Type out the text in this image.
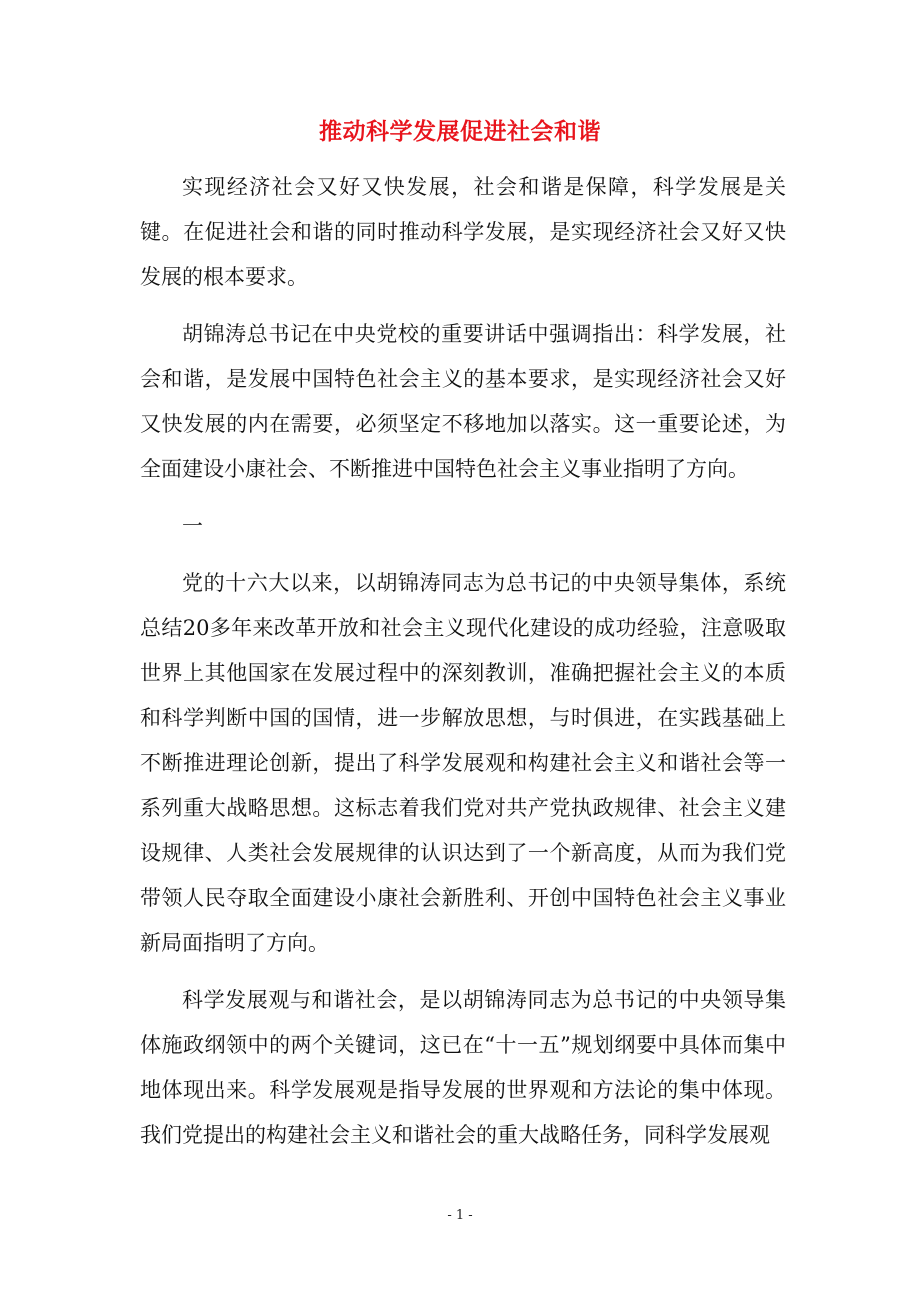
推动科学发展促进社会和谐

实现经济社会又好又快发展，社会和谐是保障，科学发展是关键。在促进社会和谐的同时推动科学发展，是实现经济社会又好又快发展的根本要求。

胡锦涛总书记在中央党校的重要讲话中强调指出：科学发展，社会和谐，是发展中国特色社会主义的基本要求，是实现经济社会又好又快发展的内在需要，必须坚定不移地加以落实。这一重要论述，为全面建设小康社会、不断推进中国特色社会主义事业指明了方向。

一

党的十六大以来，以胡锦涛同志为总书记的中央领导集体，系统总结20多年来改革开放和社会主义现代化建设的成功经验，注意吸取世界上其他国家在发展过程中的深刻教训，准确把握社会主义的本质和科学判断中国的国情，进一步解放思想，与时俱进，在实践基础上不断推进理论创新，提出了科学发展观和构建社会主义和谐社会等一系列重大战略思想。这标志着我们党对共产党执政规律、社会主义建设规律、人类社会发展规律的认识达到了一个新高度，从而为我们党带领人民夺取全面建设小康社会新胜利、开创中国特色社会主义事业新局面指明了方向。

科学发展观与和谐社会，是以胡锦涛同志为总书记的中央领导集体施政纲领中的两个关键词，这已在“十一五”规划纲要中具体而集中地体现出来。科学发展观是指导发展的世界观和方法论的集中体现。我们党提出的构建社会主义和谐社会的重大战略任务，同科学发展观

- 1 -
